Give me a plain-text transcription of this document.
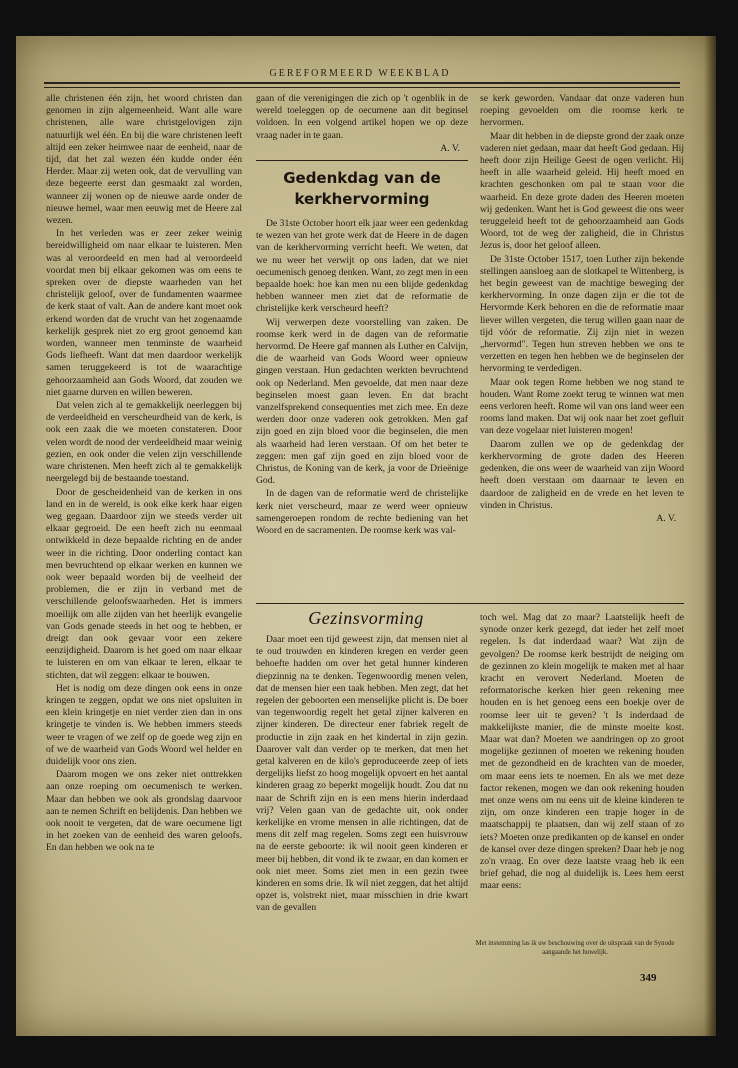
GEREFORMEERD WEEKBLAD

alle christenen één zijn, het woord christen dan genomen in zijn algemeenheid. Want alle ware christenen, alle ware christgelovigen zijn natuurlijk wel één. En bij die ware christenen leeft altijd een zeker heimwee naar de eenheid, naar de tijd, dat het zal wezen één kudde onder één Herder. Maar zij weten ook, dat de vervulling van deze begeerte eerst dan gesmaakt zal worden, wanneer zij wonen op de nieuwe aarde onder de nieuwe hemel, waar men eeuwig met de Heere zal wezen.

In het verleden was er zeer zeker weinig bereidwilligheid om naar elkaar te luisteren. Men was al veroordeeld en men had al veroordeeld voordat men bij elkaar gekomen was om eens te spreken over de diepste waarheden van het christelijk geloof, over de fundamenten waarmee de kerk staat of valt. Aan de andere kant moet ook erkend worden dat de vrucht van het zogenaamde kerkelijk gesprek niet zo erg groot genoemd kan worden, wanneer men tenminste de waarheid Gods liefheeft. Want dat men daardoor werkelijk samen teruggekeerd is tot de waarachtige gehoorzaamheid aan Gods Woord, dat zouden we niet gaarne durven en willen beweren.

Dat velen zich al te gemakkelijk neerleggen bij de verdeeldheid en verscheurdheid van de kerk, is ook een zaak die we moeten constateren. Door velen wordt de nood der verdeeldheid maar weinig gezien, en ook onder die velen zijn verschillende ware christenen. Men heeft zich al te gemakkelijk neergelegd bij de bestaande toestand.

Door de gescheidenheid van de kerken in ons land en in de wereld, is ook elke kerk haar eigen weg gegaan. Daardoor zijn we steeds verder uit elkaar gegroeid. De een heeft zich nu eenmaal ontwikkeld in deze bepaalde richting en de ander weer in die richting. Door onderling contact kan men bevruchtend op elkaar werken en kunnen we ook weer bepaald worden bij de veelheid der problemen, die er zijn in verband met de verschillende geloofswaarheden. Het is immers moeilijk om alle zijden van het heerlijk evangelie van Gods genade steeds in het oog te hebben, er dreigt dan ook gevaar voor een zekere eenzijdigheid. Daarom is het goed om naar elkaar te luisteren en om van elkaar te leren, elkaar te stichten, dat wil zeggen: elkaar te bouwen.

Het is nodig om deze dingen ook eens in onze kringen te zeggen, opdat we ons niet opsluiten in een klein kringetje en niet verder zien dan in ons kringetje te vinden is. We hebben immers steeds weer te vragen of we zelf op de goede weg zijn en of we de waarheid van Gods Woord wel helder en duidelijk voor ons zien.

Daarom mogen we ons zeker niet onttrekken aan onze roeping om oecumenisch te werken. Maar dan hebben we ook als grondslag daarvoor aan te nemen Schrift en belijdenis. Dan hebben we ook nooit te vergeten, dat de ware oecumene ligt in het zoeken van de eenheid des waren geloofs. En dan hebben we ook na te

gaan of die verenigingen die zich op 't ogenblik in de wereld toeleggen op de oecumene aan dit beginsel voldoen. In een volgend artikel hopen we op deze vraag nader in te gaan.

A. V.
Gedenkdag van de kerkhervorming

De 31ste October hoort elk jaar weer een gedenkdag te wezen van het grote werk dat de Heere in de dagen van de kerkhervorming verricht heeft. We weten, dat we nu weer het verwijt op ons laden, dat we niet oecumenisch genoeg denken. Want, zo zegt men in een bepaalde hoek: hoe kan men nu een blijde gedenkdag hebben wanneer men ziet dat de reformatie de christelijke kerk verscheurd heeft?

Wij verwerpen deze voorstelling van zaken. De roomse kerk werd in de dagen van de reformatie hervormd. De Heere gaf mannen als Luther en Calvijn, die de waarheid van Gods Woord weer opnieuw gingen verstaan. Hun gedachten werkten bevruchtend ook op Nederland. Men gevoelde, dat men naar deze beginselen moest gaan leven. En dat bracht vanzelfsprekend consequenties met zich mee. En deze werden door onze vaderen ook getrokken. Men gaf zijn goed en zijn bloed voor die beginselen, die men als waarheid had leren verstaan. Of om het beter te zeggen: men gaf zijn goed en zijn bloed voor de Christus, de Koning van de kerk, ja voor de Drieënige God.

In de dagen van de reformatie werd de christelijke kerk niet verscheurd, maar ze werd weer opnieuw samengeroepen rondom de rechte bediening van het Woord en de sacramenten. De roomse kerk was val-

se kerk geworden. Vandaar dat onze vaderen hun roeping gevoelden om die roomse kerk te hervormen.

Maar dit hebben in de diepste grond der zaak onze vaderen niet gedaan, maar dat heeft God gedaan. Hij heeft door zijn Heilige Geest de ogen verlicht. Hij heeft in alle waarheid geleid. Hij heeft moed en krachten geschonken om pal te staan voor die waarheid. En deze grote daden des Heeren moeten wij gedenken. Want het is God geweest die ons weer teruggeleid heeft tot de gehoorzaamheid aan Gods Woord, tot de weg der zaligheid, die in Christus Jezus is, door het geloof alleen.

De 31ste October 1517, toen Luther zijn bekende stellingen aansloeg aan de slotkapel te Wittenberg, is het begin geweest van de machtige beweging der kerkhervorming. In onze dagen zijn er die tot de Hervormde Kerk behoren en die de reformatie maar liever willen vergeten, die terug willen gaan naar de tijd vóór de reformatie. Zij zijn niet in wezen „hervormd". Tegen hun streven hebben we ons te verzetten en tegen hen hebben we de beginselen der hervorming te verdedigen.

Maar ook tegen Rome hebben we nog stand te houden. Want Rome zoekt terug te winnen wat men eens verloren heeft. Rome wil van ons land weer een rooms land maken. Dat wij ook naar het zoet gefluit van deze vogelaar niet luisteren mogen!

Daarom zullen we op de gedenkdag der kerkhervorming de grote daden des Heeren gedenken, die ons weer de waarheid van zijn Woord heeft doen verstaan om daarnaar te leven en daardoor de zaligheid en de vrede en het leven te vinden in Christus.

A. V.
Gezinsvorming

Daar moet een tijd geweest zijn, dat mensen niet al te oud trouwden en kinderen kregen en verder geen behoefte hadden om over het getal hunner kinderen diepzinnig na te denken. Tegenwoordig menen velen, dat de mensen hier een taak hebben. Men zegt, dat het regelen der geboorten een menselijke plicht is. De boer van tegenwoordig regelt het getal zijner kalveren en zijner kinderen. De directeur ener fabriek regelt de productie in zijn zaak en het kindertal in zijn gezin. Daarover valt dan verder op te merken, dat men het getal kalveren en de kilo's geproduceerde zeep of iets dergelijks liefst zo hoog mogelijk opvoert en het aantal kinderen graag zo beperkt mogelijk houdt. Zou dat nu naar de Schrift zijn en is een mens hierin inderdaad vrij? Velen gaan van de gedachte uit, ook onder kerkelijke en vrome mensen in alle richtingen, dat de mens dit zelf mag regelen. Soms zegt een huisvrouw na de eerste geboorte: ik wil nooit geen kinderen er meer bij hebben, dit vond ik te zwaar, en dan komen er ook niet meer. Soms ziet men in een gezin twee kinderen en soms drie. Ik wil niet zeggen, dat het altijd opzet is, volstrekt niet, maar misschien in drie kwart van de gevallen

toch wel. Mag dat zo maar? Laatstelijk heeft de synode onzer kerk gezegd, dat ieder het zelf moet regelen. Is dat inderdaad waar? Wat zijn de gevolgen? De roomse kerk bestrijdt de neiging om de gezinnen zo klein mogelijk te maken met al haar kracht en verovert Nederland. Moeten de reformatorische kerken hier geen rekening mee houden en is het genoeg eens een boekje over de roomse leer uit te geven? 't Is inderdaad de makkelijkste manier, die de minste moeite kost. Maar wat dan? Moeten we aandringen op zo groot mogelijke gezinnen of moeten we rekening houden met de gezondheid en de krachten van de moeder, om maar eens iets te noemen. En als we met deze factor rekenen, mogen we dan ook rekening houden met onze wens om nu eens uit de kleine kinderen te zijn, om onze kinderen een trapje hoger in de maatschappij te plaatsen, dan wij zelf staan of zo iets? Moeten onze predikanten op de kansel en onder de kansel over deze dingen spreken? Daar heb je nog zo'n vraag. En over deze laatste vraag heb ik een brief gehad, die nog al duidelijk is. Lees hem eerst maar eens:

Met instemming las ik uw beschouwing over de uitspraak van de Synode aangaande het huwelijk.
349
